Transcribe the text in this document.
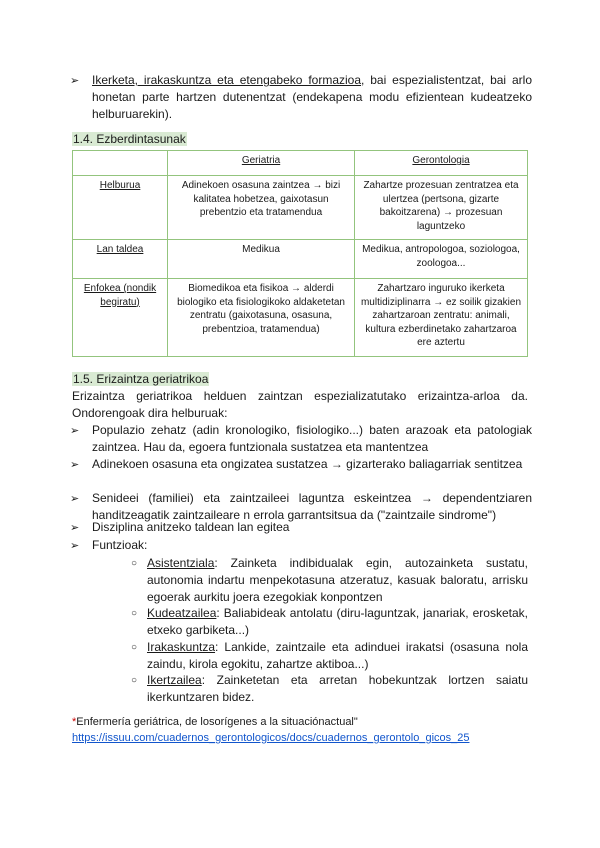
➢ Ikerketa, irakaskuntza eta etengabeko formazioa, bai espezialistentzat, bai arlo honetan parte hartzen dutenentzat (endekapena modu efizientean kudeatzeko helburuarekin).
1.4. Ezberdintasunak
	Geriatria	Gerontologia
Helburua	Adinekoen osasuna zaintzea → bizi kalitatea hobetzea, gaixotasun prebentzio eta tratamendua	Zahartze prozesuan zentratzea eta ulertzea (pertsona, gizarte bakoitzarena) → prozesuan laguntzeko
Lan taldea	Medikua	Medikua, antropologoa, soziologoa, zoologoa...
Enfokea (nondik begiratu)	Biomedikoa eta fisikoa → alderdi biologiko eta fisiologikoko aldaketetan zentratu (gaixotasuna, osasuna, prebentzioa, tratamendua)	Zahartzaro inguruko ikerketa multidiziplinarra → ez soilik gizakien zahartzaroan zentratu: animali, kultura ezberdinetako zahartzaroa ere aztertu
1.5. Erizaintza geriatrikoa
Erizaintza geriatrikoa helduen zaintzan espezializatutako erizaintza-arloa da. Ondorengoak dira helburuak:
➢ Populazio zehatz (adin kronologiko, fisiologiko...) baten arazoak eta patologiak zaintzea. Hau da, egoera funtzionala sustatzea eta mantentzea
➢ Adinekoen osasuna eta ongizatea sustatzea → gizarterako baliagarriak sentitzea
➢ Senideei (familiei) eta zaintzaileei laguntza eskeintzea → dependentziaren handitzeagatik zaintzaileare n errola garrantsitsua da ("zaintzaile sindrome")
➢ Disziplina anitzeko taldean lan egitea
➢ Funtzioak:
○ Asistentziala: Zainketa indibidualak egin, autozainketa sustatu, autonomia indartu menpekotasuna atzeratuz, kasuak baloratu, arrisku egoerak aurkitu joera ezegokiak konpontzen
○ Kudeatzailea: Baliabideak antolatu (diru-laguntzak, janariak, erosketak, etxeko garbiketa...)
○ Irakaskuntza: Lankide, zaintzaile eta adinduei irakatsi (osasuna nola zaindu, kirola egokitu, zahartze aktiboa...)
○ Ikertzailea: Zainketetan eta arretan hobekuntzak lortzen saiatu ikerkuntzaren bidez.
*Enfermería geriátrica, de losorígenes a la situaciónactual"
https://issuu.com/cuadernos_gerontologicos/docs/cuadernos_gerontolo_gicos_25
